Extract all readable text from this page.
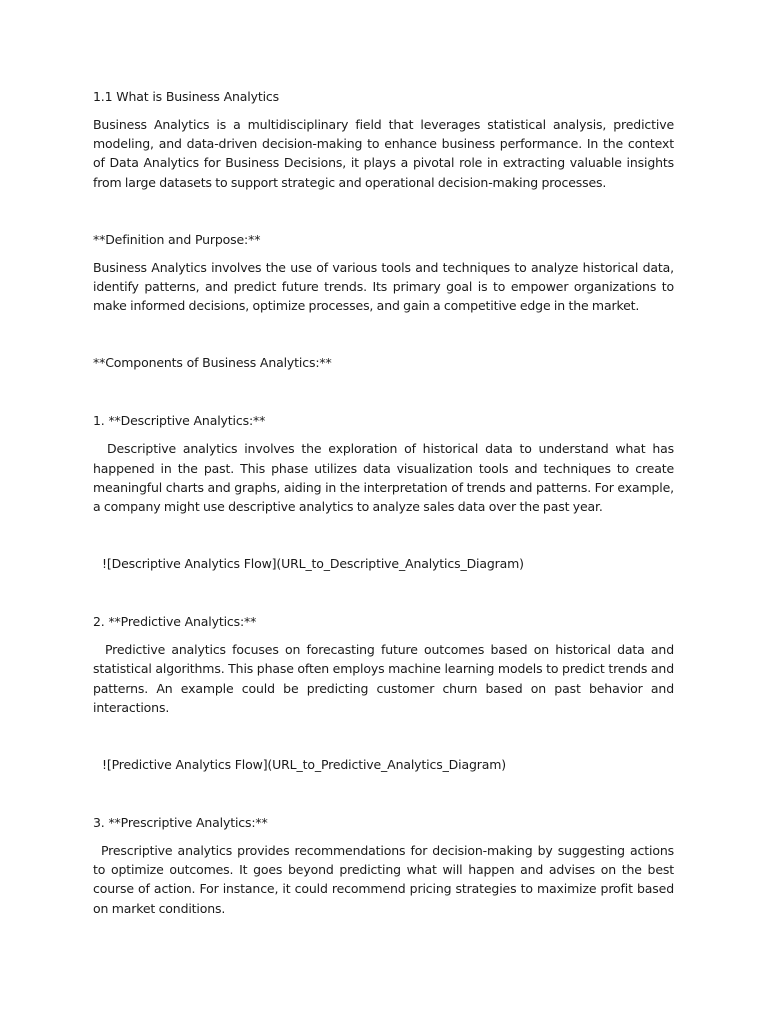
1.1 What is Business Analytics

Business Analytics is a multidisciplinary field that leverages statistical analysis, predictive modeling, and data-driven decision-making to enhance business performance. In the context of Data Analytics for Business Decisions, it plays a pivotal role in extracting valuable insights from large datasets to support strategic and operational decision-making processes.

**Definition and Purpose:**

Business Analytics involves the use of various tools and techniques to analyze historical data, identify patterns, and predict future trends. Its primary goal is to empower organizations to make informed decisions, optimize processes, and gain a competitive edge in the market.

**Components of Business Analytics:**

1. **Descriptive Analytics:**

Descriptive analytics involves the exploration of historical data to understand what has happened in the past. This phase utilizes data visualization tools and techniques to create meaningful charts and graphs, aiding in the interpretation of trends and patterns. For example, a company might use descriptive analytics to analyze sales data over the past year.

![Descriptive Analytics Flow](URL_to_Descriptive_Analytics_Diagram)

2. **Predictive Analytics:**

Predictive analytics focuses on forecasting future outcomes based on historical data and statistical algorithms. This phase often employs machine learning models to predict trends and patterns. An example could be predicting customer churn based on past behavior and interactions.

![Predictive Analytics Flow](URL_to_Predictive_Analytics_Diagram)

3. **Prescriptive Analytics:**

Prescriptive analytics provides recommendations for decision-making by suggesting actions to optimize outcomes. It goes beyond predicting what will happen and advises on the best course of action. For instance, it could recommend pricing strategies to maximize profit based on market conditions.
